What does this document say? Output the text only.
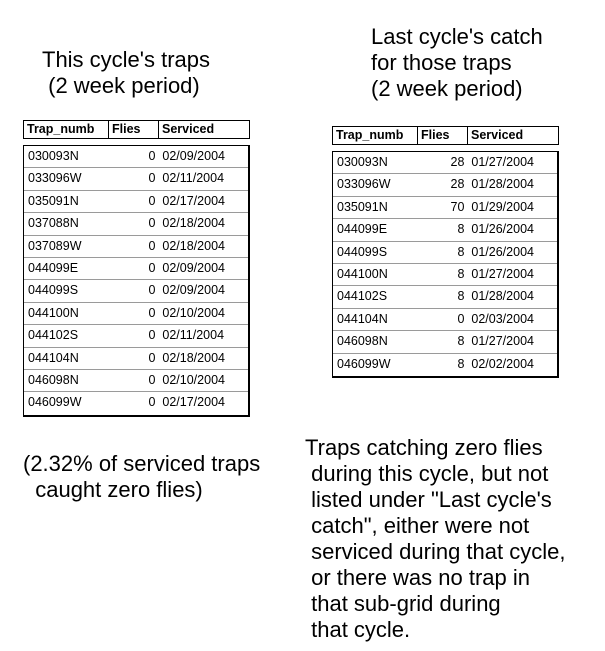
This cycle's traps
(2 week period)
Last cycle's catch
for those traps
(2 week period)
Trap_numb	Flies	Serviced
030093N	0 02/09/2004
033096W	0 02/11/2004
035091N	0 02/17/2004
037088N	0 02/18/2004
037089W	0 02/18/2004
044099E	0 02/09/2004
044099S	0 02/09/2004
044100N	0 02/10/2004
044102S	0 02/11/2004
044104N	0 02/18/2004
046098N	0 02/10/2004
046099W	0 02/17/2004
Trap_numb	Flies	Serviced
030093N	28 01/27/2004
033096W	28 01/28/2004
035091N	70 01/29/2004
044099E	8 01/26/2004
044099S	8 01/26/2004
044100N	8 01/27/2004
044102S	8 01/28/2004
044104N	0 02/03/2004
046098N	8 01/27/2004
046099W	8 02/02/2004
(2.32% of serviced traps
caught zero flies)
Traps catching zero flies
during this cycle, but not
listed under "Last cycle's
catch", either were not
serviced during that cycle,
or there was no trap in
that sub-grid during
that cycle.
